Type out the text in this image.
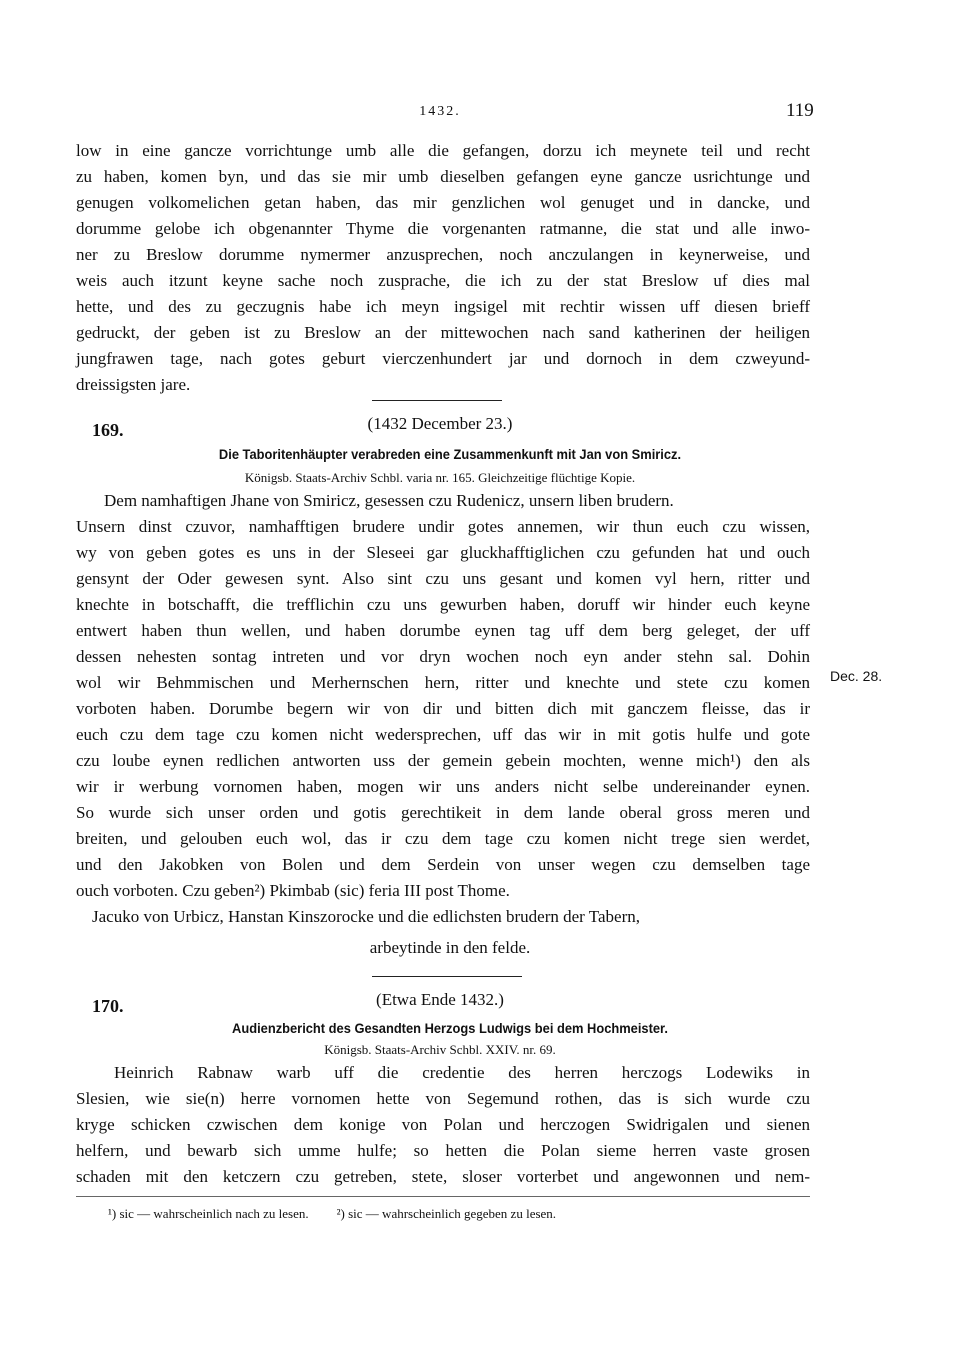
1432.	119
low in eine gancze vorrichtunge umb alle die gefangen, dorzu ich meynete teil und recht
zu haben, komen byn, und das sie mir umb dieselben gefangen eyne gancze usrichtunge und
genugen volkomelichen getan haben, das mir genzlichen wol genuget und in dancke, und
dorumme gelobe ich obgenannter Thyme die vorgenanten ratmanne, die stat und alle inwo-
ner zu Breslow dorumme nymermer anzusprechen, noch anczulangen in keynerweise, und
weis auch itzunt keyne sache noch zusprache, die ich zu der stat Breslow uf dies mal
hette, und des zu geczugnis habe ich meyn ingsigel mit rechtir wissen uff diesen brieff
gedruckt, der geben ist zu Breslow an der mittewochen nach sand katherinen der heiligen
jungfrawen tage, nach gotes geburt vierczenhundert jar und dornoch in dem czweyund-
dreissigsten jare.
169.	(1432 December 23.)
Die Taboritenhäupter verabreden eine Zusammenkunft mit Jan von Smiricz.
Königsb. Staats-Archiv Schbl. varia nr. 165. Gleichzeitige flüchtige Kopie.
Dem namhaftigen Jhane von Smiricz, gesessen czu Rudenicz, unsern liben brudern.
Unsern dinst czuvor, namhafftigen brudere undir gotes annemen, wir thun euch czu wissen,
wy von geben gotes es uns in der Sleseei gar gluckhafftiglichen czu gefunden hat und ouch
gensynt der Oder gewesen synt. Also sint czu uns gesant und komen vyl hern, ritter und
knechte in botschafft, die trefflichin czu uns gewurben haben, doruff wir hinder euch keyne
entwert haben thun wellen, und haben dorumbe eynen tag uff dem berg geleget, der uff
dessen nehesten sontag intreten und vor dryn wochen noch eyn ander stehn sal. Dohin
wol wir Behmmischen und Merhernschen hern, ritter und knechte und stete czu komen
vorboten haben. Dorumbe begern wir von dir und bitten dich mit ganczem fleisse, das ir
euch czu dem tage czu komen nicht wedersprechen, uff das wir in mit gotis hulfe und gote
czu loube eynen redlichen antworten uss der gemein gebein mochten, wenne mich¹) den als
wir ir werbung vornomen haben, mogen wir uns anders nicht selbe undereinander eynen.
So wurde sich unser orden und gotis gerechtikeit in dem lande oberal gross meren und
breiten, und gelouben euch wol, das ir czu dem tage czu komen nicht trege sien werdet,
und den Jakobken von Bolen und dem Serdein von unser wegen czu demselben tage
ouch vorboten. Czu geben²) Pkimbab (sic) feria III post Thome.
Jacuko von Urbicz, Hanstan Kinszorocke und die edlichsten brudern der Tabern,
arbeytinde in den felde.
Dec. 28.
170.	(Etwa Ende 1432.)
Audienzbericht des Gesandten Herzogs Ludwigs bei dem Hochmeister.
Königsb. Staats-Archiv Schbl. XXIV. nr. 69.
Heinrich Rabnaw warb uff die credentie des herren herczogs Lodewiks in
Slesien, wie sie(n) herre vornomen hette von Segemund rothen, das is sich wurde czu
kryge schicken czwischen dem konige von Polan und herczogen Swidrigalen und sienen
helfern, und bewarb sich umme hulfe; so hetten die Polan sieme herren vaste grosen
schaden mit den ketczern czu getreben, stete, sloser vorterbet und angewonnen und nem-
¹) sic — wahrscheinlich nach zu lesen. ²) sic — wahrscheinlich gegeben zu lesen.
